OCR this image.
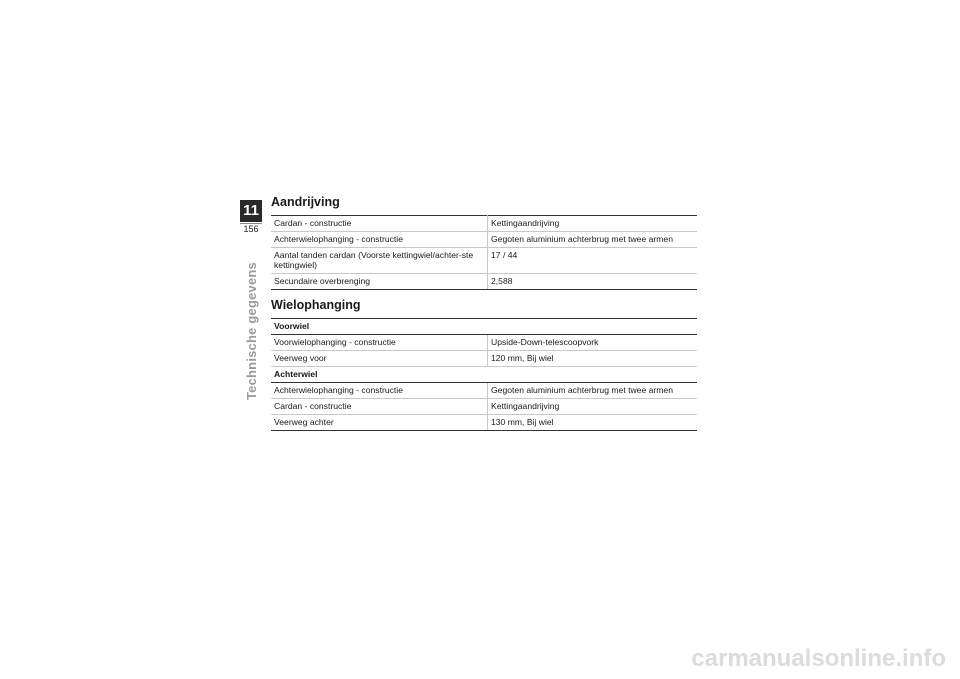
11
156
Technische gegevens
Aandrijving
Cardan - constructie	Kettingaandrijving
Achterwielophanging - constructie	Gegoten aluminium achterbrug met twee armen
Aantal tanden cardan (Voorste kettingwiel/achter-ste kettingwiel)	17 / 44
Secundaire overbrenging	2,588
Wielophanging
Voorwiel	
Voorwielophanging - constructie	Upside-Down-telescoopvork
Veerweg voor	120 mm, Bij wiel
Achterwiel	
Achterwielophanging - constructie	Gegoten aluminium achterbrug met twee armen
Cardan - constructie	Kettingaandrijving
Veerweg achter	130 mm, Bij wiel
carmanualsonline.info
